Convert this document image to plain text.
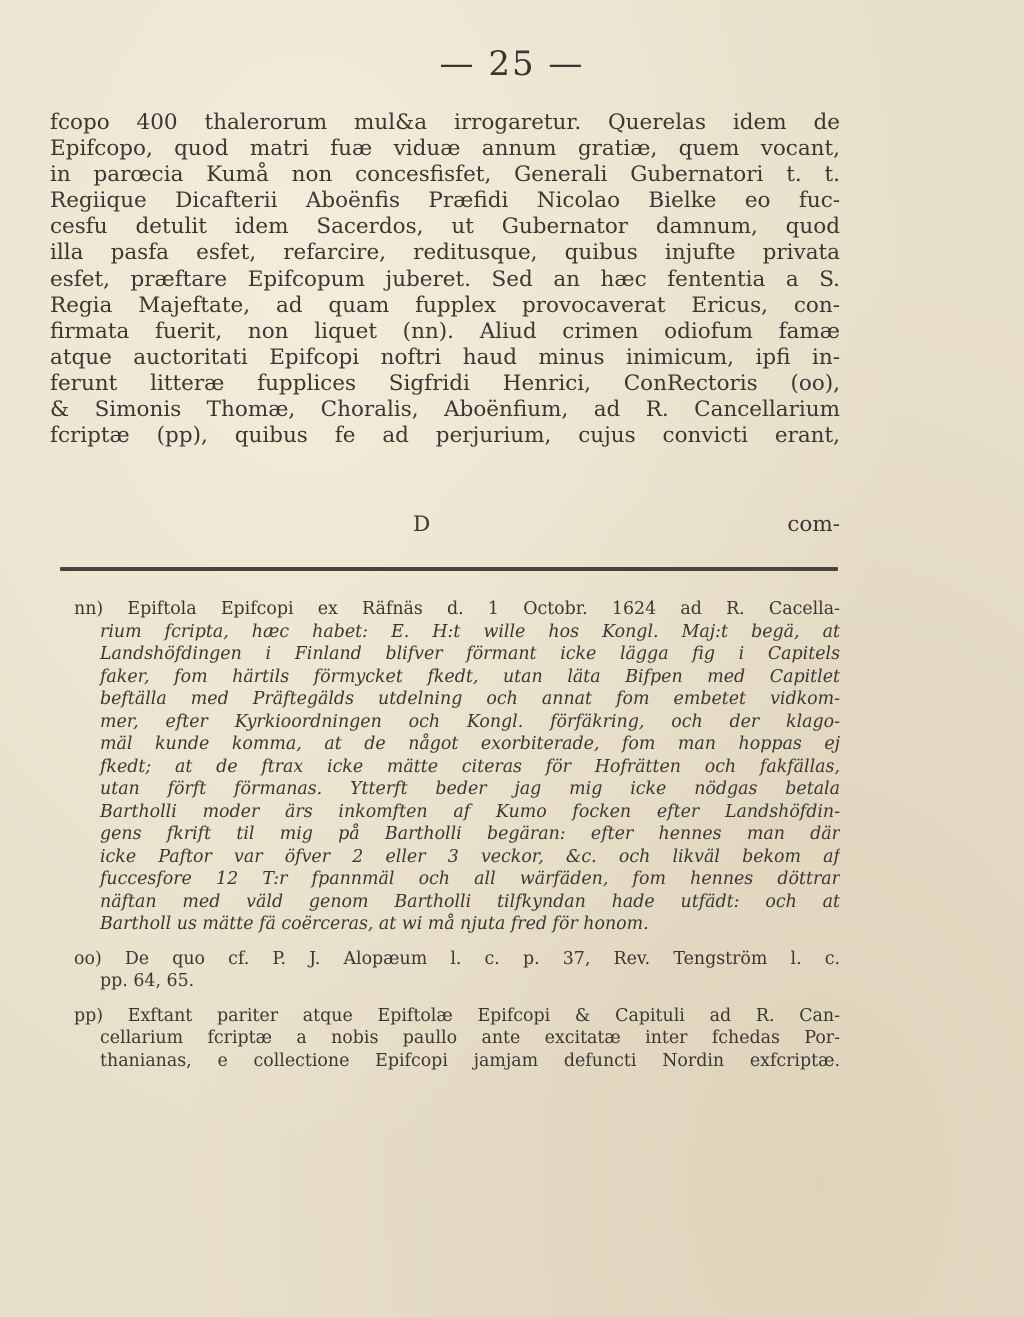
— 25 —
fcopo 400 thalerorum mul&a irrogaretur. Querelas idem de
Epifcopo, quod matri fuæ viduæ annum gratiæ, quem vocant,
in parœcia Kumå non concesfisfet, Generali Gubernatori t. t.
Regiique Dicafterii Aboënfis Præfidi Nicolao Bielke eo fuc-
cesfu detulit idem Sacerdos, ut Gubernator damnum, quod
illa pasfa esfet, refarcire, reditusque, quibus injufte privata
esfet, præftare Epifcopum juberet. Sed an hæc fententia a S.
Regia Majeftate, ad quam fupplex provocaverat Ericus, con-
firmata fuerit, non liquet (nn). Aliud crimen odiofum famæ
atque auctoritati Epifcopi noftri haud minus inimicum, ipfi in-
ferunt litteræ fupplices Sigfridi Henrici, ConRectoris (oo),
& Simonis Thomæ, Choralis, Aboënfium, ad R. Cancellarium
fcriptæ (pp), quibus fe ad perjurium, cujus convicti erant,
D	com-
nn) Epiftola Epifcopi ex Räfnäs d. 1 Octobr. 1624 ad R. Cacella-
rium fcripta, hæc habet: E. H:t wille hos Kongl. Maj:t begä, at
Landshöfdingen i Finland blifver förmant icke lägga fig i Capitels
faker, fom härtils förmycket fkedt, utan läta Bifpen med Capitlet
beftälla med Präftegälds utdelning och annat fom embetet vidkom-
mer, efter Kyrkioordningen och Kongl. förfäkring, och der klago-
mäl kunde komma, at de något exorbiterade, fom man hoppas ej
fkedt; at de ftrax icke mätte citeras för Hofrätten och fakfällas,
utan förft förmanas. Ytterft beder jag mig icke nödgas betala
Bartholli moder ärs inkomften af Kumo focken efter Landshöfdin-
gens fkrift til mig på Bartholli begäran: efter hennes man där
icke Paftor var öfver 2 eller 3 veckor, &c. och likväl bekom af
fuccesfore 12 T:r fpannmäl och all wärfäden, fom hennes döttrar
näftan med väld genom Bartholli tilfkyndan hade utfädt: och at
Bartholl us mätte fä coërceras, at wi må njuta fred för honom.
oo) De quo cf. P. J. Alopæum l. c. p. 37, Rev. Tengström l. c.
pp. 64, 65.
pp) Exftant pariter atque Epiftolæ Epifcopi & Capituli ad R. Can-
cellarium fcriptæ a nobis paullo ante excitatæ inter fchedas Por-
thanianas, e collectione Epifcopi jamjam defuncti Nordin exfcriptæ.
